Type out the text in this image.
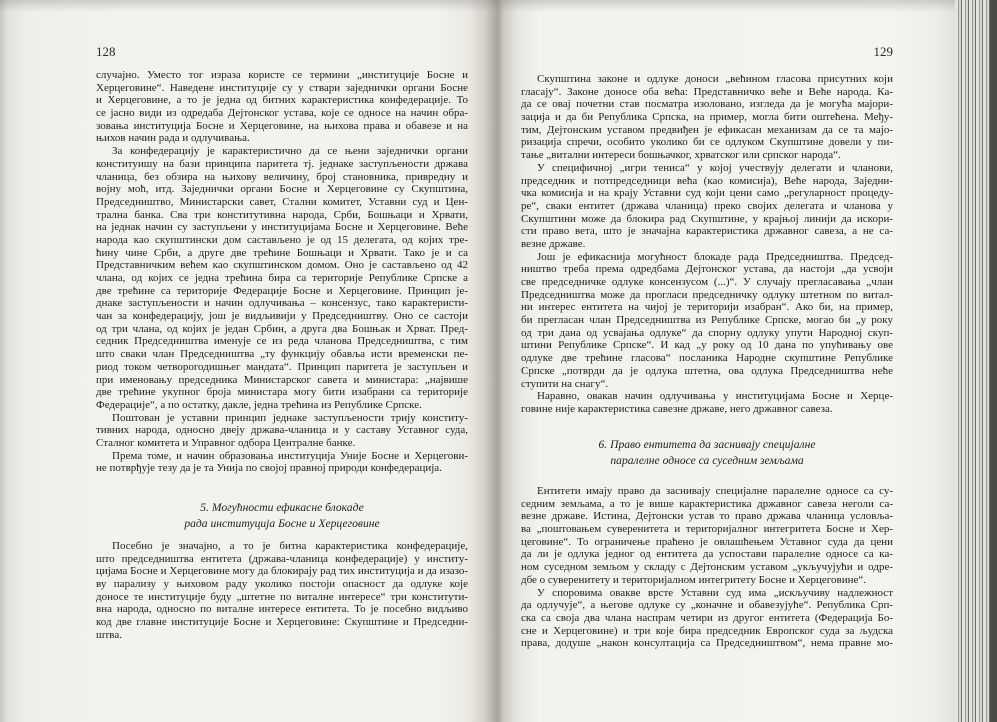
128
случајно. Уместо тог израза користе се термини „институције Босне и
Херцеговине“. Наведене институције су у ствари заједнички органи Босне
и Херцеговине, а то је једна од битних карактеристика конфедерације. То
се јасно види из одредаба Дејтонског устава, које се односе на начин обра-
зовања институција Босне и Херцеговине, на њихова права и обавезе и на
њихов начин рада и одлучивања.
За конфедерацију је карактеристично да се њени заједнички органи
конституишу на бази принципа паритета тј. једнаке заступљености држава
чланица, без обзира на њихову величину, број становника, привредну и
војну моћ, итд. Заједнички органи Босне и Херцеговине су Скупштина,
Председништво, Министарски савет, Стални комитет, Уставни суд и Цен-
трална банка. Сва три конститутивна народа, Срби, Бошњаци и Хрвати,
на једнак начин су заступљени у институцијама Босне и Херцеговине. Веће
народа као скупштински дом састављено је од 15 делегата, од којих тре-
ћину чине Срби, а друге две трећине Бошњаци и Хрвати. Тако је и са
Представничким већем као скупштинском домом. Оно је састављено од 42
члана, од којих се једна трећина бира са територије Републике Српске а
две трећине са територије Федерације Босне и Херцеговине. Принцип је-
днаке заступљености и начин одлучивања – консензус, тако карактеристи-
чан за конфедерацију, још је видљивији у Председништву. Оно се састоји
од три члана, од којих је један Србин, а друга два Бошњак и Хрват. Пред-
седник Председништва именује се из реда чланова Председништва, с тим
што сваки члан Председништва „ту функцију обавља исти временски пе-
риод током четворогодишњег мандата“. Принцип паритета је заступљен и
при именовању председника Министарског савета и министара: „највише
две трећине укупног броја министара могу бити изабрани са територије
Федерације“, а по остатку, дакле, једна трећина из Републике Српске.
Поштован је уставни принцип једнаке заступљености трију конститу-
тивних народа, односно двеју држава-чланица и у саставу Уставног суда,
Сталног комитета и Управног одбора Централне банке.
Према томе, и начин образовања институција Уније Босне и Херцегови-
не потврђује тезу да је та Унија по својој правној природи конфедерација.
5. Могућности ефикасне блокаде
рада институција Босне и Херцеговине
Посебно је значајно, а то је битна карактеристика конфедерације,
што председништва ентитета (држава-чланица конфедерације) у институ-
цијама Босне и Херцеговине могу да блокирају рад тих институција и да изазо-
ву парализу у њиховом раду уколико постоји опасност да одлуке које
доносе те институције буду „штетне по виталне интересе“ три конститути-
вна народа, односно по виталне интересе ентитета. То је посебно видљиво
код две главне институције Босне и Херцеговине: Скупштине и Председни-
штва.
129
Скупштина законе и одлуке доноси „већином гласова присутних који
гласају“. Законе доносе оба већа: Представничко веће и Веће народа. Ка-
да се овај почетни став посматра изоловано, изгледа да је могућа мајори-
зација и да би Република Српска, на пример, могла бити оштећена. Међу-
тим, Дејтонским уставом предвиђен је ефикасан механизам да се та мајо-
ризација спречи, особито уколико би се одлуком Скупштине довели у пи-
тање „витални интереси бошњачког, хрватског или српског народа“.
У специфичној „игри тениса“ у којој учествују делегати и чланови,
председник и потпредседници већа (као комисија), Веће народа, Заједни-
чка комисија и на крају Уставни суд који цени само „регуларност процеду-
ре“, сваки ентитет (држава чланица) преко својих делегата и чланова у
Скупштини може да блокира рад Скупштине, у крајњој линији да искори-
сти право вета, што је значајна карактеристика државног савеза, а не са-
везне државе.
Још је ефикаснија могућност блокаде рада Председништва. Председ-
ништво треба према одредбама Дејтонског устава, да настоји „да усвоји
све председничке одлуке консензусом (...)“. У случају прегласавања „члан
Председништва може да прогласи председничку одлуку штетном по витал-
ни интерес ентитета на чијој је територији изабран“. Ако би, на пример,
би прегласан члан Председништва из Републике Српске, могао би „у року
од три дана од усвајања одлуке“ да спорну одлуку упути Народној скуп-
штини Републике Српске“. И кад „у року од 10 дана по упућивању ове
одлуке две трећине гласова“ посланика Народне скупштине Републике
Српске „потврди да је одлука штетна, ова одлука Председништва неће
ступити на снагу“.
Наравно, овакав начин одлучивања у институцијама Босне и Херце-
говине није карактеристика савезне државе, него државног савеза.
6. Право ентитета да заснивају специјалне
паралелне односе са суседним земљама
Ентитети имају право да заснивају специјалне паралелне односе са су-
седним земљама, а то је више карактеристика државног савеза неголи са-
везне државе. Истина, Дејтонски устав то право држава чланица условља-
ва „поштовањем суверенитета и територијалног интегритета Босне и Хер-
цеговине“. То ограничење праћено је овлашћењем Уставног суда да цени
да ли је одлука једног од ентитета да успостави паралелне односе са ка-
ном суседном земљом у складу с Дејтонским уставом „укључујући и одре-
дбе о суверенитету и територијалном интегритету Босне и Херцеговине“.
У споровима овакве врсте Уставни суд има „искључиву надлежност
да одлучује“, а његове одлуке су „коначне и обавезујуће“. Република Срп-
ска са своја два члана наспрам четири из другог ентитета (Федерација Бо-
сне и Херцеговине) и три које бира председник Европског суда за људска
права, додуше „након консултација са Председништвом“, нема правне мо-
